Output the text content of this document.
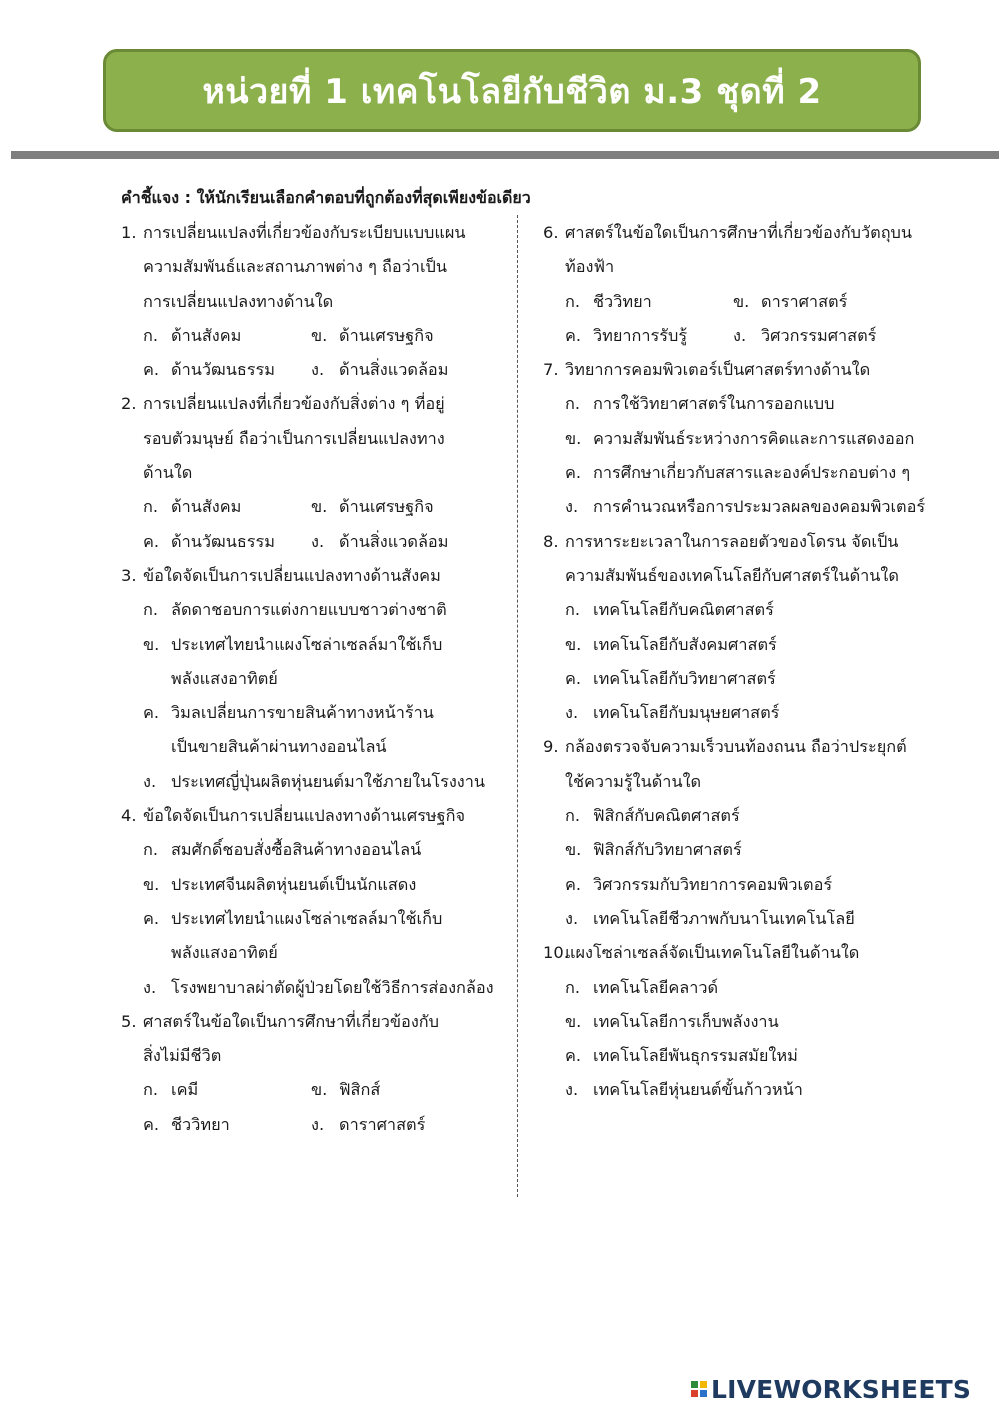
หน่วยที่ 1 เทคโนโลยีกับชีวิต ม.3 ชุดที่ 2
คำชี้แจง : ให้นักเรียนเลือกคำตอบที่ถูกต้องที่สุดเพียงข้อเดียว
1. การเปลี่ยนแปลงที่เกี่ยวข้องกับระเบียบแบบแผน
ความสัมพันธ์และสถานภาพต่าง ๆ ถือว่าเป็น
การเปลี่ยนแปลงทางด้านใด
ก. ด้านสังคม	ข. ด้านเศรษฐกิจ
ค. ด้านวัฒนธรรม ง. ด้านสิ่งแวดล้อม
2. การเปลี่ยนแปลงที่เกี่ยวข้องกับสิ่งต่าง ๆ ที่อยู่
รอบตัวมนุษย์ ถือว่าเป็นการเปลี่ยนแปลงทาง
ด้านใด
ก. ด้านสังคม	ข. ด้านเศรษฐกิจ
ค. ด้านวัฒนธรรม ง. ด้านสิ่งแวดล้อม
3. ข้อใดจัดเป็นการเปลี่ยนแปลงทางด้านสังคม
ก. ลัดดาชอบการแต่งกายแบบชาวต่างชาติ
ข. ประเทศไทยนำแผงโซล่าเซลล์มาใช้เก็บ
พลังแสงอาทิตย์
ค. วิมลเปลี่ยนการขายสินค้าทางหน้าร้าน
เป็นขายสินค้าผ่านทางออนไลน์
ง. ประเทศญี่ปุ่นผลิตหุ่นยนต์มาใช้ภายในโรงงาน
4. ข้อใดจัดเป็นการเปลี่ยนแปลงทางด้านเศรษฐกิจ
ก. สมศักดิ์ชอบสั่งซื้อสินค้าทางออนไลน์
ข. ประเทศจีนผลิตหุ่นยนต์เป็นนักแสดง
ค. ประเทศไทยนำแผงโซล่าเซลล์มาใช้เก็บ
พลังแสงอาทิตย์
ง. โรงพยาบาลผ่าตัดผู้ป่วยโดยใช้วิธีการส่องกล้อง
5. ศาสตร์ในข้อใดเป็นการศึกษาที่เกี่ยวข้องกับ
สิ่งไม่มีชีวิต
ก. เคมี	ข. ฟิสิกส์
ค. ชีววิทยา	ง. ดาราศาสตร์
6. ศาสตร์ในข้อใดเป็นการศึกษาที่เกี่ยวข้องกับวัตถุบน
ท้องฟ้า
ก. ชีววิทยา	ข. ดาราศาสตร์
ค. วิทยาการรับรู้	ง. วิศวกรรมศาสตร์
7. วิทยาการคอมพิวเตอร์เป็นศาสตร์ทางด้านใด
ก. การใช้วิทยาศาสตร์ในการออกแบบ
ข. ความสัมพันธ์ระหว่างการคิดและการแสดงออก
ค. การศึกษาเกี่ยวกับสสารและองค์ประกอบต่าง ๆ
ง. การคำนวณหรือการประมวลผลของคอมพิวเตอร์
8. การหาระยะเวลาในการลอยตัวของโดรน จัดเป็น
ความสัมพันธ์ของเทคโนโลยีกับศาสตร์ในด้านใด
ก. เทคโนโลยีกับคณิตศาสตร์
ข. เทคโนโลยีกับสังคมศาสตร์
ค. เทคโนโลยีกับวิทยาศาสตร์
ง. เทคโนโลยีกับมนุษยศาสตร์
9. กล้องตรวจจับความเร็วบนท้องถนน ถือว่าประยุกต์
ใช้ความรู้ในด้านใด
ก. ฟิสิกส์กับคณิตศาสตร์
ข. ฟิสิกส์กับวิทยาศาสตร์
ค. วิศวกรรมกับวิทยาการคอมพิวเตอร์
ง. เทคโนโลยีชีวภาพกับนาโนเทคโนโลยี
10.แผงโซล่าเซลล์จัดเป็นเทคโนโลยีในด้านใด
ก. เทคโนโลยีคลาวด์
ข. เทคโนโลยีการเก็บพลังงาน
ค. เทคโนโลยีพันธุกรรมสมัยใหม่
ง. เทคโนโลยีหุ่นยนต์ขั้นก้าวหน้า
LIVEWORKSHEETS
